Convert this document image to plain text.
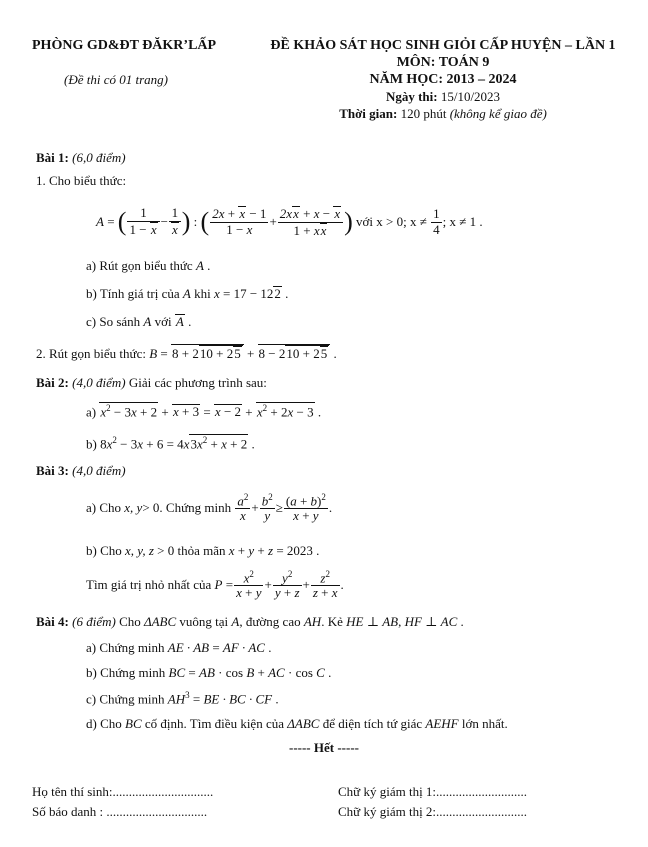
PHÒNG GD&ĐT ĐĂKR’LẤP
(Đề thi có 01 trang)
ĐỀ KHẢO SÁT HỌC SINH GIỎI CẤP HUYỆN – LẦN 1
MÔN: TOÁN 9
NĂM HỌC: 2013 – 2024
Ngày thi: 15/10/2023
Thời gian: 120 phút (không kể giao đề)
Bài 1: (6,0 điểm)
1. Cho biểu thức:
A = ( $\frac{1}{1 - x} - \frac{1}{x}$ ) : ( $\frac{2x + x - 1}{1 - x} + \frac{2xx + x - x}{1 + xx}$ )
với x > 0; x ≠
$\frac{1}{4}$ ; x ≠ 1 .
a) Rút gọn biểu thức A .
b) Tính giá trị của A khi x = 17 − 122 .
c) So sánh A với A .
2. Rút gọn biểu thức: B = 8 + 210 + 25 + 8 − 210 + 25 .
Bài 2: (4,0 điểm) Giải các phương trình sau:
a) $x^2 - 3x + 2 + x + 3 = x - 2 + x^2 + 2x - 3$ .
b) $8x^2 - 3x + 6 = 4x3x^2 + x + 2$ .
Bài 3: (4,0 điểm)
a) Cho
x, y > 0 . Chứng minh
$\frac{a^2}{x} + \frac{b^2}{y} \ge \frac{(a + b)^2}{x + y}$ .
b) Cho x, y, z > 0 thỏa mãn x + y + z = 2023 .
Tìm giá trị nhỏ nhất của
$P = \frac{x^2}{x + y} + \frac{y^2}{y + z} + \frac{z^2}{z + x}$ .
Bài 4: (6 điểm) Cho ΔABC vuông tại A, đường cao AH. Kẻ HE ⊥ AB, HF ⊥ AC .
a) Chứng minh AE · AB = AF · AC .
b) Chứng minh BC = AB · cos B + AC · cos C .
c) Chứng minh $AH^3$ = BE · BC · CF .
d) Cho BC cố định. Tìm điều kiện của ΔABC để diện tích tứ giác AEHF lớn nhất.
----- Hết -----
Họ tên thí sinh:...............................
Số báo danh : ...............................
Chữ ký giám thị 1:............................
Chữ ký giám thị 2:............................
